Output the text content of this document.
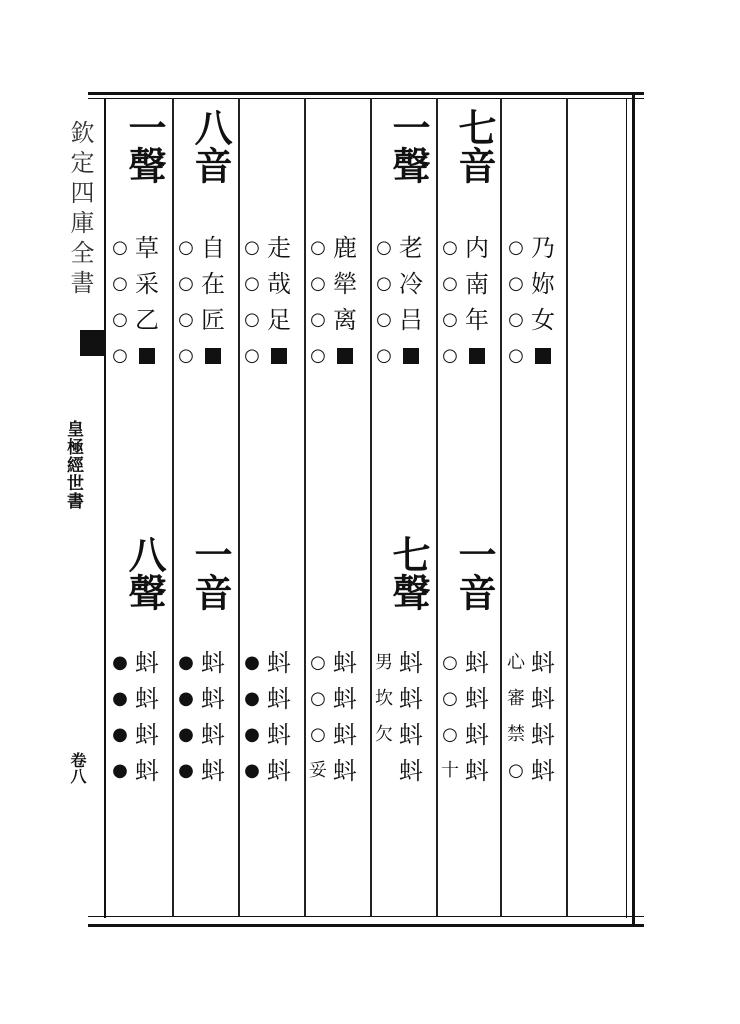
欽定四庫全書
皇極經世書
卷八
一聲
○ 草
○ 采
○ 乙
○
八聲
● 蚪
● 蚪
● 蚪
● 蚪
八音
○ 自
○ 在
○ 匠
○
一音
● 蚪
● 蚪
● 蚪
● 蚪
○ 走
○ 哉
○ 足
○
● 蚪
● 蚪
● 蚪
● 蚪
○ 鹿
○ 犖
○ 离
○
○ 蚪
○ 蚪
○ 蚪
妥 蚪
一聲
○ 老
○ 冷
○ 吕
○
七聲
男 蚪
坎 蚪
欠 蚪
蚪
七音
○ 内
○ 南
○ 年
○
一音
○ 蚪
○ 蚪
○ 蚪
十 蚪
○ 乃
○ 妳
○ 女
○
心 蚪
審 蚪
禁 蚪
○ 蚪
